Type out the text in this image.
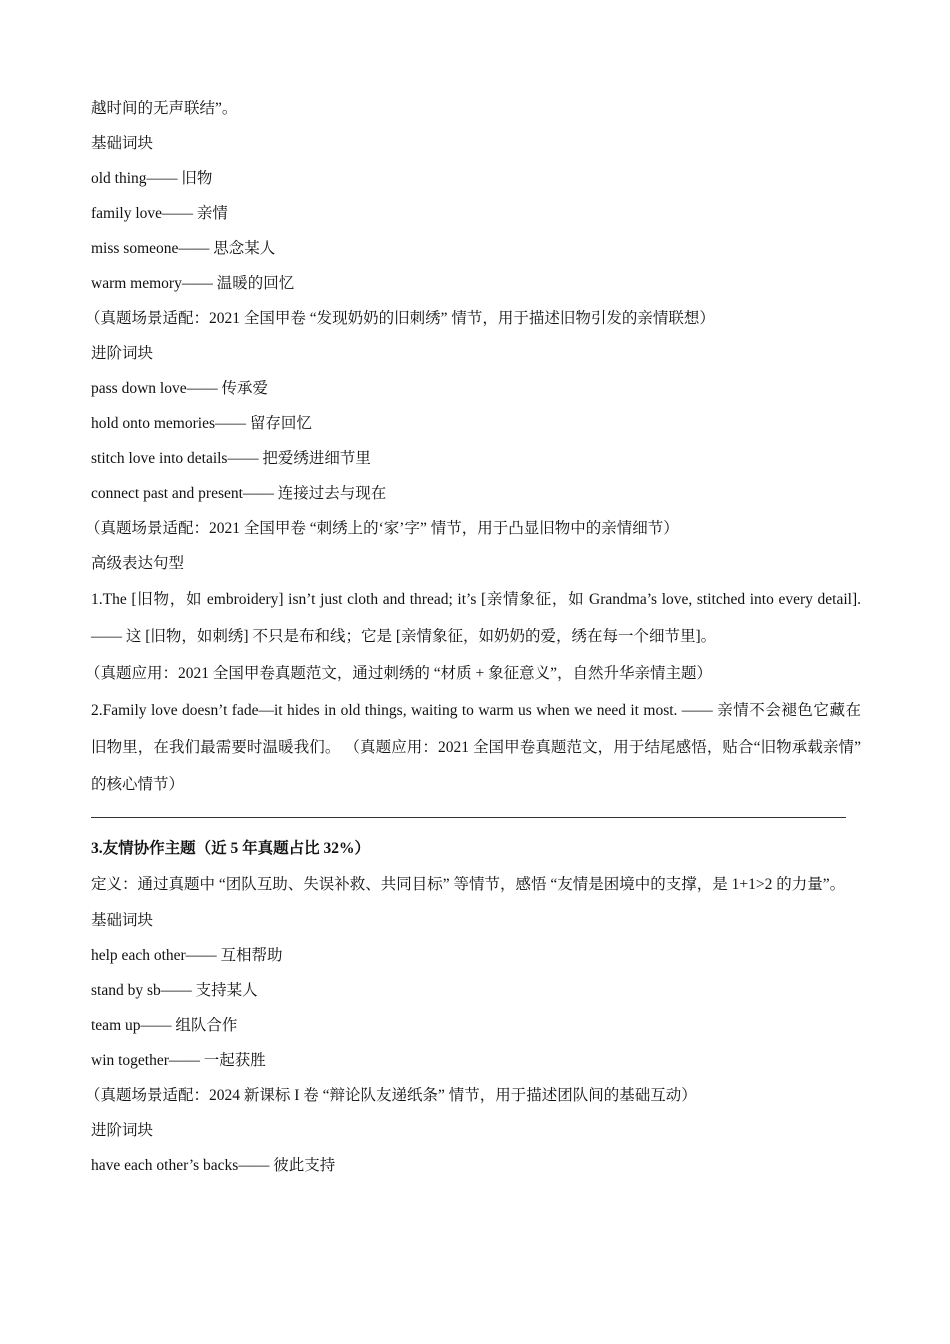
越时间的无声联结”。
基础词块
old thing—— 旧物
family love—— 亲情
miss someone—— 思念某人
warm memory—— 温暖的回忆
（真题场景适配：2021 全国甲卷 “发现奶奶的旧刺绣” 情节，用于描述旧物引发的亲情联想）
进阶词块
pass down love—— 传承爱
hold onto memories—— 留存回忆
stitch love into details—— 把爱绣进细节里
connect past and present—— 连接过去与现在
（真题场景适配：2021 全国甲卷 “刺绣上的‘家’字” 情节，用于凸显旧物中的亲情细节）
高级表达句型
1.The [旧物，如 embroidery] isn’t just cloth and thread; it’s [亲情象征，如 Grandma’s love, stitched into every detail]. —— 这 [旧物，如刺绣] 不只是布和线；它是 [亲情象征，如奶奶的爱，绣在每一个细节里]。
（真题应用：2021 全国甲卷真题范文，通过刺绣的 “材质 + 象征意义”，自然升华亲情主题）
2.Family love doesn’t fade—it hides in old things, waiting to warm us when we need it most. —— 亲情不会褪色它藏在旧物里，在我们最需要时温暖我们。 （真题应用：2021 全国甲卷真题范文，用于结尾感悟，贴合“旧物承载亲情” 的核心情节）
3.友情协作主题（近 5 年真题占比 32%）
定义：通过真题中 “团队互助、失误补救、共同目标” 等情节，感悟 “友情是困境中的支撑，是 1+1>2 的力量”。
基础词块
help each other—— 互相帮助
stand by sb—— 支持某人
team up—— 组队合作
win together—— 一起获胜
（真题场景适配：2024 新课标 I 卷 “辩论队友递纸条” 情节，用于描述团队间的基础互动）
进阶词块
have each other’s backs—— 彼此支持
